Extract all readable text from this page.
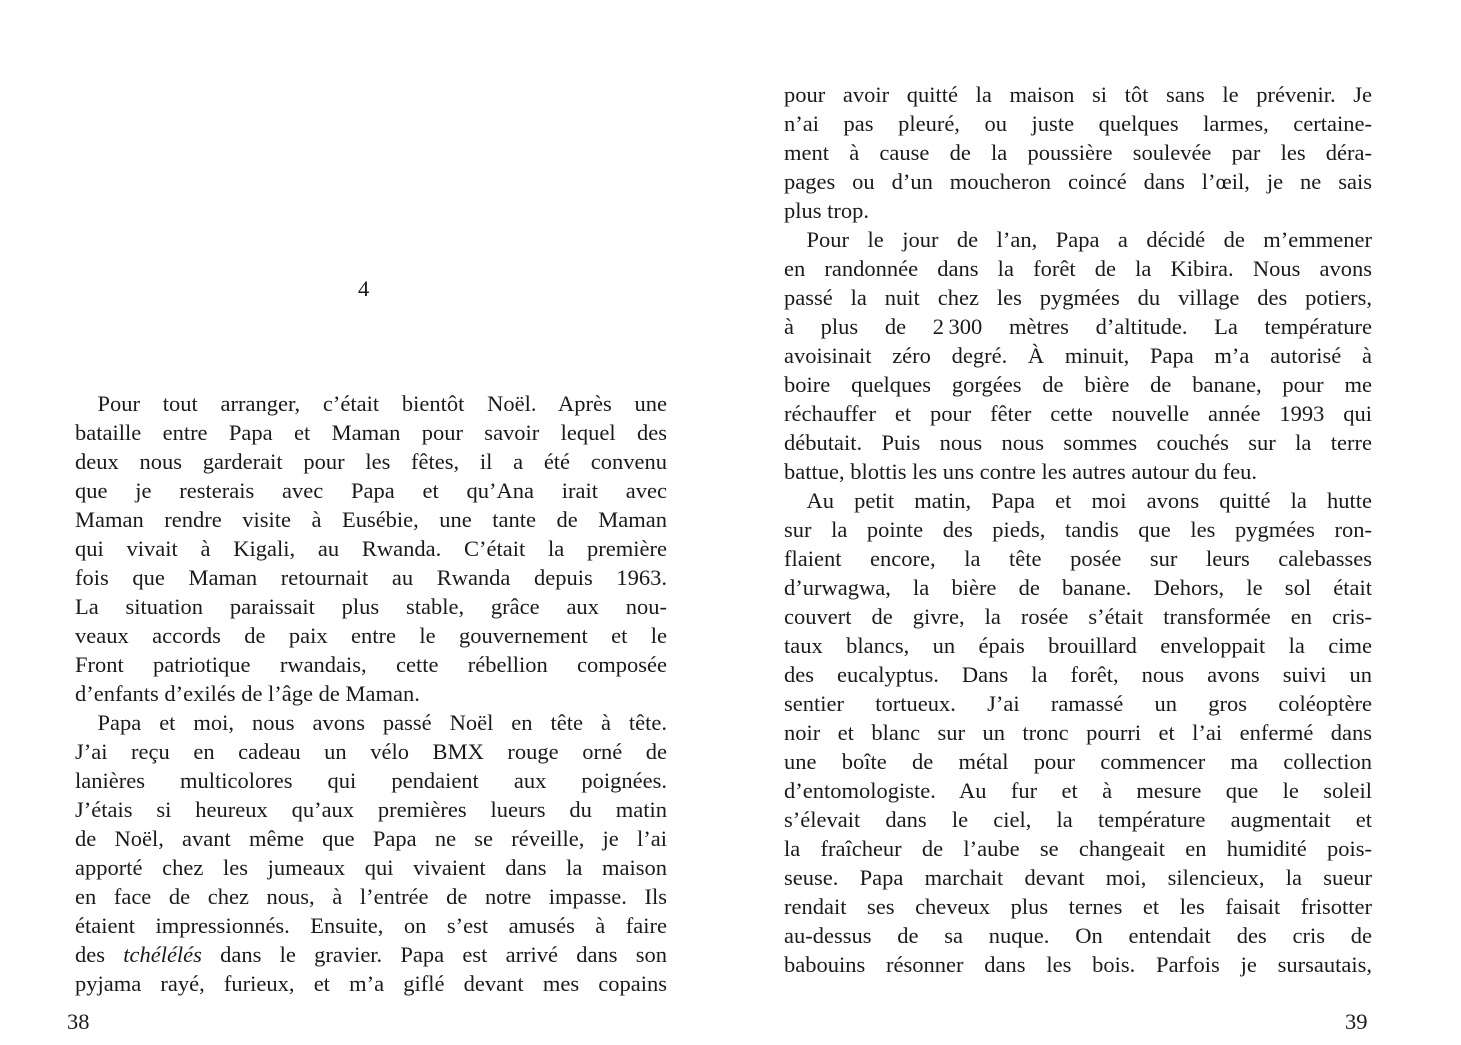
4

 Pour tout arranger, c’était bientôt Noël. Après une

bataille entre Papa et Maman pour savoir lequel des

deux nous garderait pour les fêtes, il a été convenu

que je resterais avec Papa et qu’Ana irait avec

Maman rendre visite à Eusébie, une tante de Maman

qui vivait à Kigali, au Rwanda. C’était la première

fois que Maman retournait au Rwanda depuis 1963.

La situation paraissait plus stable, grâce aux nou-

veaux accords de paix entre le gouvernement et le

Front patriotique rwandais, cette rébellion composée

d’enfants d’exilés de l’âge de Maman.

 Papa et moi, nous avons passé Noël en tête à tête.

J’ai reçu en cadeau un vélo BMX rouge orné de

lanières multicolores qui pendaient aux poignées.

J’étais si heureux qu’aux premières lueurs du matin

de Noël, avant même que Papa ne se réveille, je l’ai

apporté chez les jumeaux qui vivaient dans la maison

en face de chez nous, à l’entrée de notre impasse. Ils

étaient impressionnés. Ensuite, on s’est amusés à faire

des tchélélés dans le gravier. Papa est arrivé dans son

pyjama rayé, furieux, et m’a giflé devant mes copains

38

pour avoir quitté la maison si tôt sans le prévenir. Je

n’ai pas pleuré, ou juste quelques larmes, certaine-

ment à cause de la poussière soulevée par les déra-

pages ou d’un moucheron coincé dans l’œil, je ne sais

plus trop.

 Pour le jour de l’an, Papa a décidé de m’emmener

en randonnée dans la forêt de la Kibira. Nous avons

passé la nuit chez les pygmées du village des potiers,

à plus de 2 300 mètres d’altitude. La température

avoisinait zéro degré. À minuit, Papa m’a autorisé à

boire quelques gorgées de bière de banane, pour me

réchauffer et pour fêter cette nouvelle année 1993 qui

débutait. Puis nous nous sommes couchés sur la terre

battue, blottis les uns contre les autres autour du feu.

 Au petit matin, Papa et moi avons quitté la hutte

sur la pointe des pieds, tandis que les pygmées ron-

flaient encore, la tête posée sur leurs calebasses

d’urwagwa, la bière de banane. Dehors, le sol était

couvert de givre, la rosée s’était transformée en cris-

taux blancs, un épais brouillard enveloppait la cime

des eucalyptus. Dans la forêt, nous avons suivi un

sentier tortueux. J’ai ramassé un gros coléoptère

noir et blanc sur un tronc pourri et l’ai enfermé dans

une boîte de métal pour commencer ma collection

d’entomologiste. Au fur et à mesure que le soleil

s’élevait dans le ciel, la température augmentait et

la fraîcheur de l’aube se changeait en humidité pois-

seuse. Papa marchait devant moi, silencieux, la sueur

rendait ses cheveux plus ternes et les faisait frisotter

au-dessus de sa nuque. On entendait des cris de

babouins résonner dans les bois. Parfois je sursautais,

39
